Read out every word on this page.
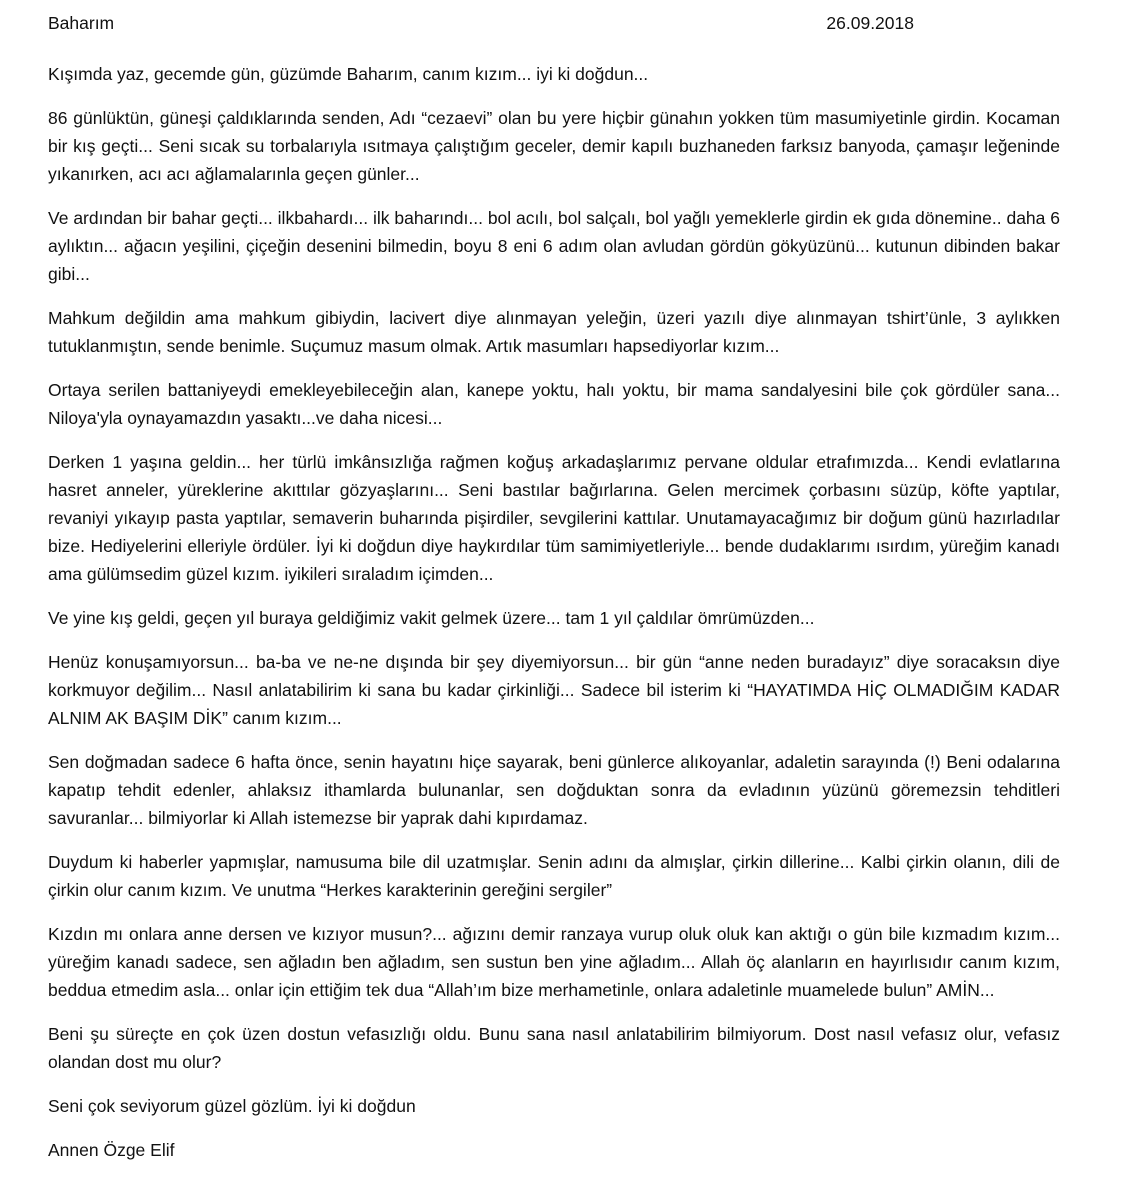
Baharım	26.09.2018

Kışımda yaz, gecemde gün, güzümde Baharım, canım kızım... iyi ki doğdun...

86 günlüktün, güneşi çaldıklarında senden, Adı “cezaevi” olan bu yere hiçbir günahın yokken tüm masumiyetinle girdin. Kocaman bir kış geçti... Seni sıcak su torbalarıyla ısıtmaya çalıştığım geceler, demir kapılı buzhaneden farksız banyoda, çamaşır leğeninde yıkanırken, acı acı ağlamalarınla geçen günler...

Ve ardından bir bahar geçti... ilkbahardı... ilk baharındı... bol acılı, bol salçalı, bol yağlı yemeklerle girdin ek gıda dönemine.. daha 6 aylıktın... ağacın yeşilini, çiçeğin desenini bilmedin, boyu 8 eni 6 adım olan avludan gördün gökyüzünü... kutunun dibinden bakar gibi...

Mahkum değildin ama mahkum gibiydin, lacivert diye alınmayan yeleğin, üzeri yazılı diye alınmayan tshirt’ünle, 3 aylıkken tutuklanmıştın, sende benimle. Suçumuz masum olmak. Artık masumları hapsediyorlar kızım...

Ortaya serilen battaniyeydi emekleyebileceğin alan, kanepe yoktu, halı yoktu, bir mama sandalyesini bile çok gördüler sana... Niloya'yla oynayamazdın yasaktı...ve daha nicesi...

Derken 1 yaşına geldin... her türlü imkânsızlığa rağmen koğuş arkadaşlarımız pervane oldular etrafımızda... Kendi evlatlarına hasret anneler, yüreklerine akıttılar gözyaşlarını... Seni bastılar bağırlarına. Gelen mercimek çorbasını süzüp, köfte yaptılar, revaniyi yıkayıp pasta yaptılar, semaverin buharında pişirdiler, sevgilerini kattılar. Unutamayacağımız bir doğum günü hazırladılar bize. Hediyelerini elleriyle ördüler. İyi ki doğdun diye haykırdılar tüm samimiyetleriyle... bende dudaklarımı ısırdım, yüreğim kanadı ama gülümsedim güzel kızım. iyikileri sıraladım içimden...

Ve yine kış geldi, geçen yıl buraya geldiğimiz vakit gelmek üzere... tam 1 yıl çaldılar ömrümüzden...

Henüz konuşamıyorsun... ba-ba ve ne-ne dışında bir şey diyemiyorsun... bir gün “anne neden buradayız” diye soracaksın diye korkmuyor değilim... Nasıl anlatabilirim ki sana bu kadar çirkinliği... Sadece bil isterim ki “HAYATIMDA HİÇ OLMADIĞIM KADAR ALNIM AK BAŞIM DİK” canım kızım...

Sen doğmadan sadece 6 hafta önce, senin hayatını hiçe sayarak, beni günlerce alıkoyanlar, adaletin sarayında (!) Beni odalarına kapatıp tehdit edenler, ahlaksız ithamlarda bulunanlar, sen doğduktan sonra da evladının yüzünü göremezsin tehditleri savuranlar... bilmiyorlar ki Allah istemezse bir yaprak dahi kıpırdamaz.

Duydum ki haberler yapmışlar, namusuma bile dil uzatmışlar. Senin adını da almışlar, çirkin dillerine... Kalbi çirkin olanın, dili de çirkin olur canım kızım. Ve unutma “Herkes karakterinin gereğini sergiler”

Kızdın mı onlara anne dersen ve kızıyor musun?... ağızını demir ranzaya vurup oluk oluk kan aktığı o gün bile kızmadım kızım... yüreğim kanadı sadece, sen ağladın ben ağladım, sen sustun ben yine ağladım... Allah öç alanların en hayırlısıdır canım kızım, beddua etmedim asla... onlar için ettiğim tek dua “Allah’ım bize merhametinle, onlara adaletinle muamelede bulun” AMİN...

Beni şu süreçte en çok üzen dostun vefasızlığı oldu. Bunu sana nasıl anlatabilirim bilmiyorum. Dost nasıl vefasız olur, vefasız olandan dost mu olur?

Seni çok seviyorum güzel gözlüm. İyi ki doğdun

Annen Özge Elif
